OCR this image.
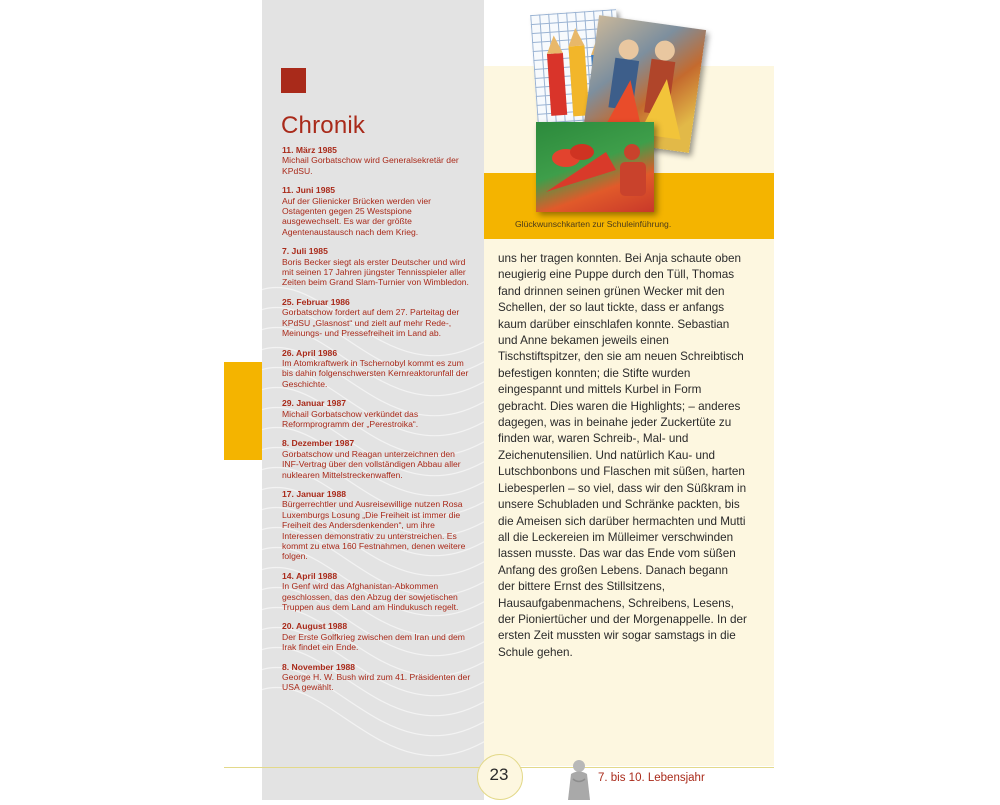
Chronik
11. März 1985
Michail Gorbatschow wird Generalsekretär der KPdSU.
11. Juni 1985
Auf der Glienicker Brücken werden vier Ostagenten gegen 25 Westspione ausgewechselt. Es war der größte Agentenaustausch nach dem Krieg.
7. Juli 1985
Boris Becker siegt als erster Deutscher und wird mit seinen 17 Jahren jüngster Tennisspieler aller Zeiten beim Grand Slam-Turnier von Wimbledon.
25. Februar 1986
Gorbatschow fordert auf dem 27. Parteitag der KPdSU „Glasnost“ und zielt auf mehr Rede-, Meinungs- und Pressefreiheit im Land ab.
26. April 1986
Im Atomkraftwerk in Tschernobyl kommt es zum bis dahin folgenschwersten Kernreaktorunfall der Geschichte.
29. Januar 1987
Michail Gorbatschow verkündet das Reformprogramm der „Perestroika“.
8. Dezember 1987
Gorbatschow und Reagan unterzeichnen den INF-Vertrag über den vollständigen Abbau aller nuklearen Mittelstreckenwaffen.
17. Januar 1988
Bürgerrechtler und Ausreisewillige nutzen Rosa Luxemburgs Losung „Die Freiheit ist immer die Freiheit des Andersdenkenden“, um ihre Interessen demonstrativ zu unterstreichen. Es kommt zu etwa 160 Festnahmen, denen weitere folgen.
14. April 1988
In Genf wird das Afghanistan-Abkommen geschlossen, das den Abzug der sowjetischen Truppen aus dem Land am Hindukusch regelt.
20. August 1988
Der Erste Golfkrieg zwischen dem Iran und dem Irak findet ein Ende.
8. November 1988
George H. W. Bush wird zum 41. Präsidenten der USA gewählt.
Glückwunschkarten zur Schuleinführung.

uns her tragen konnten. Bei Anja schaute oben neugierig eine Puppe durch den Tüll, Thomas fand drinnen seinen grünen Wecker mit den Schellen, der so laut tickte, dass er anfangs kaum darüber einschlafen konnte. Sebastian und Anne bekamen jeweils einen Tischstiftspitzer, den sie am neuen Schreibtisch befestigen konnten; die Stifte wurden eingespannt und mittels Kurbel in Form gebracht. Dies waren die Highlights; – anderes dagegen, was in beinahe jeder Zuckertüte zu finden war, waren Schreib-, Mal- und Zeichenutensilien. Und natürlich Kau- und Lutschbonbons und Flaschen mit süßen, harten Liebesperlen – so viel, dass wir den Süßkram in unsere Schubladen und Schränke packten, bis die Ameisen sich darüber hermachten und Mutti all die Leckereien im Mülleimer verschwinden lassen musste. Das war das Ende vom süßen Anfang des großen Lebens. Danach begann der bittere Ernst des Stillsitzens, Hausaufgabenmachens, Schreibens, Lesens, der Pioniertücher und der Morgenappelle. In der ersten Zeit mussten wir sogar samstags in die Schule gehen.

23	7. bis 10. Lebensjahr
